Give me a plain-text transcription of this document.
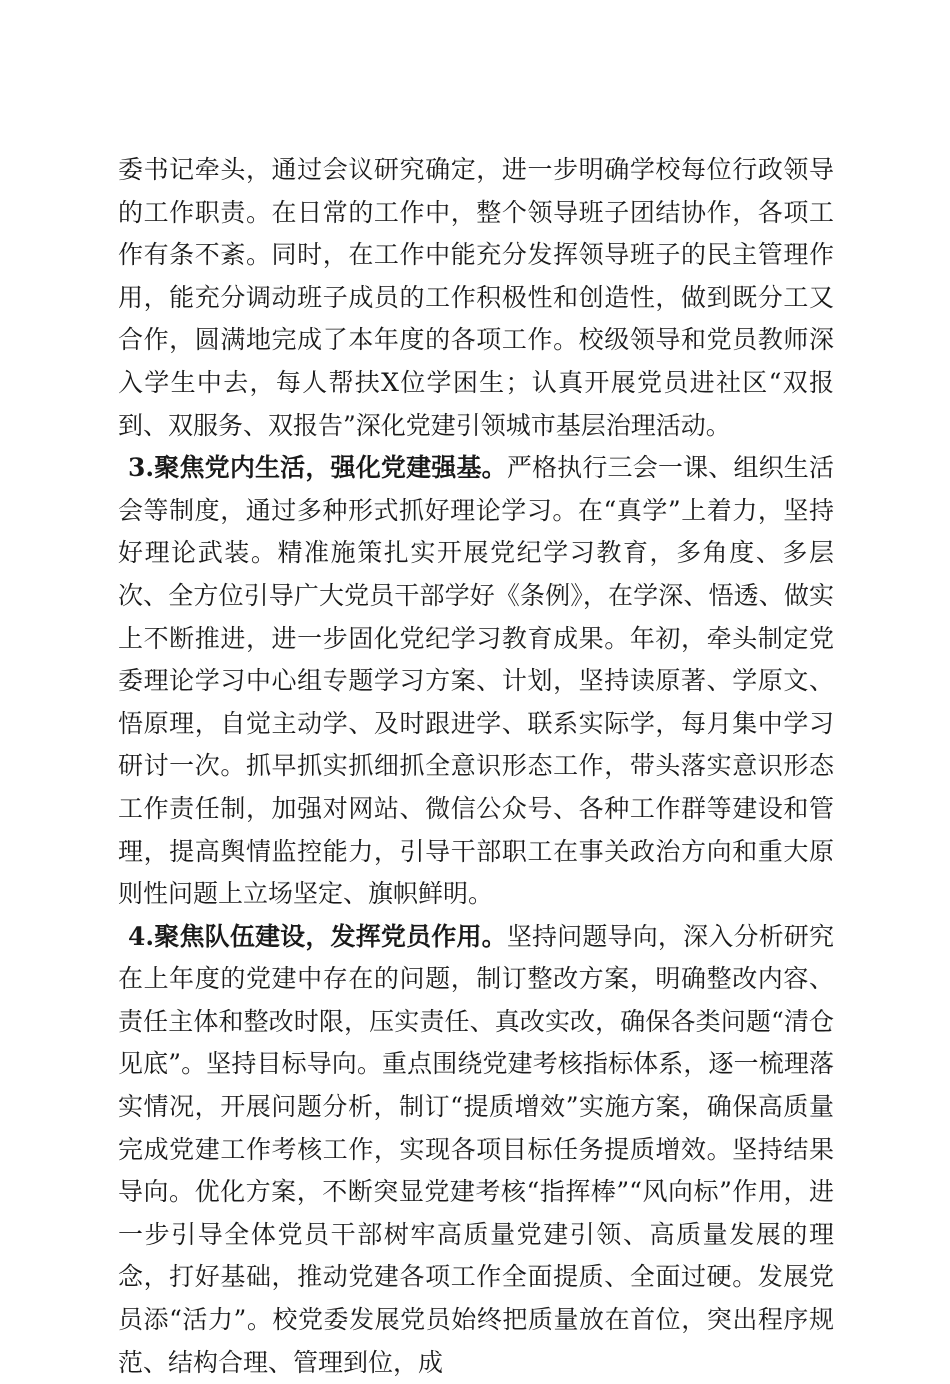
委书记牵头，通过会议研究确定，进一步明确学校每位行政领导的工作职责。在日常的工作中，整个领导班子团结协作，各项工作有条不紊。同时，在工作中能充分发挥领导班子的民主管理作用，能充分调动班子成员的工作积极性和创造性，做到既分工又合作，圆满地完成了本年度的各项工作。校级领导和党员教师深入学生中去，每人帮扶X位学困生；认真开展党员进社区“双报到、双服务、双报告”深化党建引领城市基层治理活动。

3.聚焦党内生活，强化党建强基。严格执行三会一课、组织生活会等制度，通过多种形式抓好理论学习。在“真学”上着力，坚持好理论武装。精准施策扎实开展党纪学习教育，多角度、多层次、全方位引导广大党员干部学好《条例》，在学深、悟透、做实上不断推进，进一步固化党纪学习教育成果。年初，牵头制定党委理论学习中心组专题学习方案、计划，坚持读原著、学原文、悟原理，自觉主动学、及时跟进学、联系实际学，每月集中学习研讨一次。抓早抓实抓细抓全意识形态工作，带头落实意识形态工作责任制，加强对网站、微信公众号、各种工作群等建设和管理，提高舆情监控能力，引导干部职工在事关政治方向和重大原则性问题上立场坚定、旗帜鲜明。

4.聚焦队伍建设，发挥党员作用。坚持问题导向，深入分析研究在上年度的党建中存在的问题，制订整改方案，明确整改内容、责任主体和整改时限，压实责任、真改实改，确保各类问题“清仓见底”。坚持目标导向。重点围绕党建考核指标体系，逐一梳理落实情况，开展问题分析，制订“提质增效”实施方案，确保高质量完成党建工作考核工作，实现各项目标任务提质增效。坚持结果导向。优化方案，不断突显党建考核“指挥棒”“风向标”作用，进一步引导全体党员干部树牢高质量党建引领、高质量发展的理念，打好基础，推动党建各项工作全面提质、全面过硬。发展党员添“活力”。校党委发展党员始终把质量放在首位，突出程序规范、结构合理、管理到位，成
